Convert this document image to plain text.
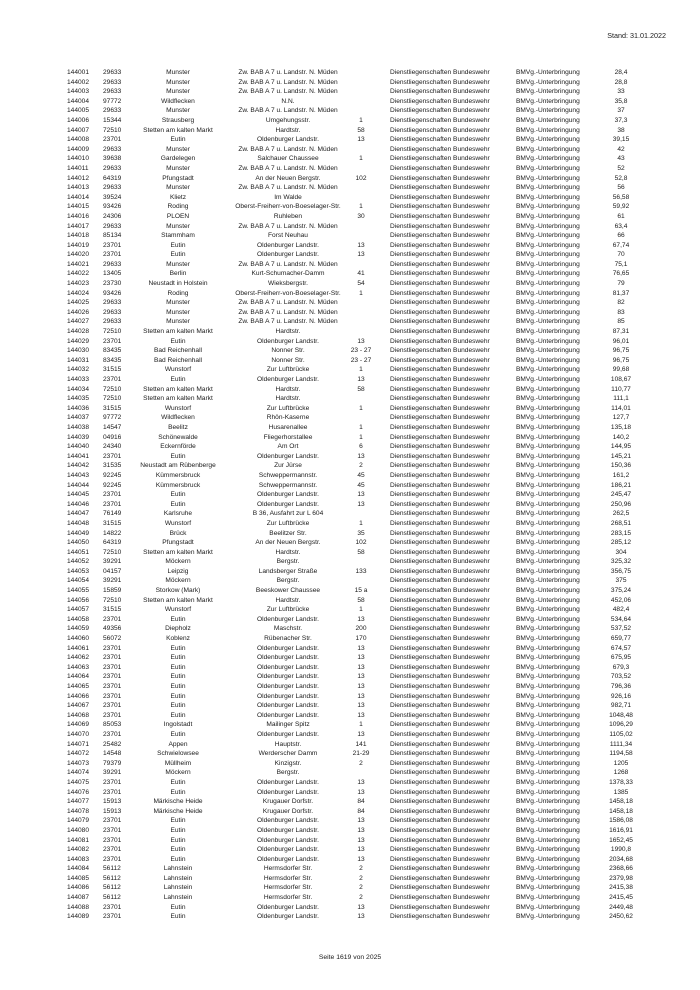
Stand: 31.01.2022
144001 29633	Munster	Zw. BAB A 7 u. Landstr. N. Müden	Dienstliegenschaften Bundeswehr	BMVg.-Unterbringung	28,4
144002 29633	Munster	Zw. BAB A 7 u. Landstr. N. Müden	Dienstliegenschaften Bundeswehr	BMVg.-Unterbringung	28,8
144003 29633	Munster	Zw. BAB A 7 u. Landstr. N. Müden	Dienstliegenschaften Bundeswehr	BMVg.-Unterbringung	33
144004 97772	Wildflecken	N.N.	Dienstliegenschaften Bundeswehr	BMVg.-Unterbringung	35,8
144005 29633	Munster	Zw. BAB A 7 u. Landstr. N. Müden	Dienstliegenschaften Bundeswehr	BMVg.-Unterbringung	37
144006 15344	Strausberg	Umgehungsstr.	1	Dienstliegenschaften Bundeswehr	BMVg.-Unterbringung	37,3
144007 72510	Stetten am kalten Markt	Hardtstr.	58	Dienstliegenschaften Bundeswehr	BMVg.-Unterbringung	38
144008 23701	Eutin	Oldenburger Landstr.	13	Dienstliegenschaften Bundeswehr	BMVg.-Unterbringung	39,15
144009 29633	Munster	Zw. BAB A 7 u. Landstr. N. Müden	Dienstliegenschaften Bundeswehr	BMVg.-Unterbringung	42
144010 39638	Gardelegen	Salchauer Chaussee	1	Dienstliegenschaften Bundeswehr	BMVg.-Unterbringung	43
144011 29633	Munster	Zw. BAB A 7 u. Landstr. N. Müden	Dienstliegenschaften Bundeswehr	BMVg.-Unterbringung	52
144012 64319	Pfungstadt	An der Neuen Bergstr.	102	Dienstliegenschaften Bundeswehr	BMVg.-Unterbringung	52,8
144013 29633	Munster	Zw. BAB A 7 u. Landstr. N. Müden	Dienstliegenschaften Bundeswehr	BMVg.-Unterbringung	56
144014 39524	Klietz	Im Walde	Dienstliegenschaften Bundeswehr	BMVg.-Unterbringung	56,58
144015 93426	Roding	Oberst-Freiherr-von-Boeselager-Str.	1	Dienstliegenschaften Bundeswehr	BMVg.-Unterbringung	59,92
144016 24306	PLOEN	Ruhleben	30	Dienstliegenschaften Bundeswehr	BMVg.-Unterbringung	61
144017 29633	Munster	Zw. BAB A 7 u. Landstr. N. Müden	Dienstliegenschaften Bundeswehr	BMVg.-Unterbringung	63,4
144018 85134	Stammham	Forst Neuhau	Dienstliegenschaften Bundeswehr	BMVg.-Unterbringung	66
144019 23701	Eutin	Oldenburger Landstr.	13	Dienstliegenschaften Bundeswehr	BMVg.-Unterbringung	67,74
144020 23701	Eutin	Oldenburger Landstr.	13	Dienstliegenschaften Bundeswehr	BMVg.-Unterbringung	70
144021 29633	Munster	Zw. BAB A 7 u. Landstr. N. Müden	Dienstliegenschaften Bundeswehr	BMVg.-Unterbringung	75,1
144022 13405	Berlin	Kurt-Schumacher-Damm	41	Dienstliegenschaften Bundeswehr	BMVg.-Unterbringung	76,65
144023 23730	Neustadt in Holstein	Wieksbergstr.	54	Dienstliegenschaften Bundeswehr	BMVg.-Unterbringung	79
144024 93426	Roding	Oberst-Freiherr-von-Boeselager-Str.	1	Dienstliegenschaften Bundeswehr	BMVg.-Unterbringung	81,37
144025 29633	Munster	Zw. BAB A 7 u. Landstr. N. Müden	Dienstliegenschaften Bundeswehr	BMVg.-Unterbringung	82
144026 29633	Munster	Zw. BAB A 7 u. Landstr. N. Müden	Dienstliegenschaften Bundeswehr	BMVg.-Unterbringung	83
144027 29633	Munster	Zw. BAB A 7 u. Landstr. N. Müden	Dienstliegenschaften Bundeswehr	BMVg.-Unterbringung	85
144028 72510	Stetten am kalten Markt	Hardtstr.	Dienstliegenschaften Bundeswehr	BMVg.-Unterbringung	87,31
144029 23701	Eutin	Oldenburger Landstr.	13	Dienstliegenschaften Bundeswehr	BMVg.-Unterbringung	96,01
144030 83435	Bad Reichenhall	Nonner Str.	23 - 27	Dienstliegenschaften Bundeswehr	BMVg.-Unterbringung	96,75
144031 83435	Bad Reichenhall	Nonner Str.	23 - 27	Dienstliegenschaften Bundeswehr	BMVg.-Unterbringung	96,75
144032 31515	Wunstorf	Zur Luftbrücke	1	Dienstliegenschaften Bundeswehr	BMVg.-Unterbringung	99,68
144033 23701	Eutin	Oldenburger Landstr.	13	Dienstliegenschaften Bundeswehr	BMVg.-Unterbringung	108,67
144034 72510	Stetten am kalten Markt	Hardtstr.	58	Dienstliegenschaften Bundeswehr	BMVg.-Unterbringung	110,77
144035 72510	Stetten am kalten Markt	Hardtstr.	Dienstliegenschaften Bundeswehr	BMVg.-Unterbringung	111,1
144036 31515	Wunstorf	Zur Luftbrücke	1	Dienstliegenschaften Bundeswehr	BMVg.-Unterbringung	114,01
144037 97772	Wildflecken	Rhön-Kaserne	Dienstliegenschaften Bundeswehr	BMVg.-Unterbringung	127,7
144038 14547	Beelitz	Husarenallee	1	Dienstliegenschaften Bundeswehr	BMVg.-Unterbringung	135,18
144039 04916	Schönewalde	Fliegerhorstallee	1	Dienstliegenschaften Bundeswehr	BMVg.-Unterbringung	140,2
144040 24340	Eckernförde	Am Ort	6	Dienstliegenschaften Bundeswehr	BMVg.-Unterbringung	144,95
144041 23701	Eutin	Oldenburger Landstr.	13	Dienstliegenschaften Bundeswehr	BMVg.-Unterbringung	145,21
144042 31535	Neustadt am Rübenberge	Zur Jürse	2	Dienstliegenschaften Bundeswehr	BMVg.-Unterbringung	150,36
144043 92245	Kümmersbruck	Schweppermannstr.	45	Dienstliegenschaften Bundeswehr	BMVg.-Unterbringung	161,2
144044 92245	Kümmersbruck	Schweppermannstr.	45	Dienstliegenschaften Bundeswehr	BMVg.-Unterbringung	186,21
144045 23701	Eutin	Oldenburger Landstr.	13	Dienstliegenschaften Bundeswehr	BMVg.-Unterbringung	245,47
144046 23701	Eutin	Oldenburger Landstr.	13	Dienstliegenschaften Bundeswehr	BMVg.-Unterbringung	250,96
144047 76149	Karlsruhe	B 36, Ausfahrt zur L 604	Dienstliegenschaften Bundeswehr	BMVg.-Unterbringung	262,5
144048 31515	Wunstorf	Zur Luftbrücke	1	Dienstliegenschaften Bundeswehr	BMVg.-Unterbringung	268,51
144049 14822	Brück	Beelitzer Str.	35	Dienstliegenschaften Bundeswehr	BMVg.-Unterbringung	283,15
144050 64319	Pfungstadt	An der Neuen Bergstr.	102	Dienstliegenschaften Bundeswehr	BMVg.-Unterbringung	285,12
144051 72510	Stetten am kalten Markt	Hardtstr.	58	Dienstliegenschaften Bundeswehr	BMVg.-Unterbringung	304
144052 39291	Möckern	Bergstr.	Dienstliegenschaften Bundeswehr	BMVg.-Unterbringung	325,32
144053 04157	Leipzig	Landsberger Straße	133	Dienstliegenschaften Bundeswehr	BMVg.-Unterbringung	356,75
144054 39291	Möckern	Bergstr.	Dienstliegenschaften Bundeswehr	BMVg.-Unterbringung	375
144055 15859	Storkow (Mark)	Beeskower Chaussee	15 a	Dienstliegenschaften Bundeswehr	BMVg.-Unterbringung	375,24
144056 72510	Stetten am kalten Markt	Hardtstr.	58	Dienstliegenschaften Bundeswehr	BMVg.-Unterbringung	452,06
144057 31515	Wunstorf	Zur Luftbrücke	1	Dienstliegenschaften Bundeswehr	BMVg.-Unterbringung	482,4
144058 23701	Eutin	Oldenburger Landstr.	13	Dienstliegenschaften Bundeswehr	BMVg.-Unterbringung	534,64
144059 49356	Diepholz	Maschstr.	200	Dienstliegenschaften Bundeswehr	BMVg.-Unterbringung	537,52
144060 56072	Koblenz	Rübenacher Str.	170	Dienstliegenschaften Bundeswehr	BMVg.-Unterbringung	659,77
144061 23701	Eutin	Oldenburger Landstr.	13	Dienstliegenschaften Bundeswehr	BMVg.-Unterbringung	674,57
144062 23701	Eutin	Oldenburger Landstr.	13	Dienstliegenschaften Bundeswehr	BMVg.-Unterbringung	675,95
144063 23701	Eutin	Oldenburger Landstr.	13	Dienstliegenschaften Bundeswehr	BMVg.-Unterbringung	679,3
144064 23701	Eutin	Oldenburger Landstr.	13	Dienstliegenschaften Bundeswehr	BMVg.-Unterbringung	703,52
144065 23701	Eutin	Oldenburger Landstr.	13	Dienstliegenschaften Bundeswehr	BMVg.-Unterbringung	796,36
144066 23701	Eutin	Oldenburger Landstr.	13	Dienstliegenschaften Bundeswehr	BMVg.-Unterbringung	926,16
144067 23701	Eutin	Oldenburger Landstr.	13	Dienstliegenschaften Bundeswehr	BMVg.-Unterbringung	982,71
144068 23701	Eutin	Oldenburger Landstr.	13	Dienstliegenschaften Bundeswehr	BMVg.-Unterbringung	1048,48
144069 85053	Ingolstadt	Mailinger Spitz	1	Dienstliegenschaften Bundeswehr	BMVg.-Unterbringung	1096,29
144070 23701	Eutin	Oldenburger Landstr.	13	Dienstliegenschaften Bundeswehr	BMVg.-Unterbringung	1105,02
144071 25482	Appen	Hauptstr.	141	Dienstliegenschaften Bundeswehr	BMVg.-Unterbringung	1111,34
144072 14548	Schwielowsee	Werderscher Damm	21-29	Dienstliegenschaften Bundeswehr	BMVg.-Unterbringung	1194,58
144073 79379	Müllheim	Kinzigstr.	2	Dienstliegenschaften Bundeswehr	BMVg.-Unterbringung	1205
144074 39291	Möckern	Bergstr.	Dienstliegenschaften Bundeswehr	BMVg.-Unterbringung	1268
144075 23701	Eutin	Oldenburger Landstr.	13	Dienstliegenschaften Bundeswehr	BMVg.-Unterbringung	1378,33
144076 23701	Eutin	Oldenburger Landstr.	13	Dienstliegenschaften Bundeswehr	BMVg.-Unterbringung	1385
144077 15913	Märkische Heide	Krugauer Dorfstr.	84	Dienstliegenschaften Bundeswehr	BMVg.-Unterbringung	1458,18
144078 15913	Märkische Heide	Krugauer Dorfstr.	84	Dienstliegenschaften Bundeswehr	BMVg.-Unterbringung	1458,18
144079 23701	Eutin	Oldenburger Landstr.	13	Dienstliegenschaften Bundeswehr	BMVg.-Unterbringung	1586,08
144080 23701	Eutin	Oldenburger Landstr.	13	Dienstliegenschaften Bundeswehr	BMVg.-Unterbringung	1616,91
144081 23701	Eutin	Oldenburger Landstr.	13	Dienstliegenschaften Bundeswehr	BMVg.-Unterbringung	1652,45
144082 23701	Eutin	Oldenburger Landstr.	13	Dienstliegenschaften Bundeswehr	BMVg.-Unterbringung	1990,8
144083 23701	Eutin	Oldenburger Landstr.	13	Dienstliegenschaften Bundeswehr	BMVg.-Unterbringung	2034,68
144084 56112	Lahnstein	Hermsdorfer Str.	2	Dienstliegenschaften Bundeswehr	BMVg.-Unterbringung	2368,66
144085 56112	Lahnstein	Hermsdorfer Str.	2	Dienstliegenschaften Bundeswehr	BMVg.-Unterbringung	2379,98
144086 56112	Lahnstein	Hermsdorfer Str.	2	Dienstliegenschaften Bundeswehr	BMVg.-Unterbringung	2415,38
144087 56112	Lahnstein	Hermsdorfer Str.	2	Dienstliegenschaften Bundeswehr	BMVg.-Unterbringung	2415,45
144088 23701	Eutin	Oldenburger Landstr.	13	Dienstliegenschaften Bundeswehr	BMVg.-Unterbringung	2449,48
144089 23701	Eutin	Oldenburger Landstr.	13	Dienstliegenschaften Bundeswehr	BMVg.-Unterbringung	2450,62
Seite 1619 von 2025
